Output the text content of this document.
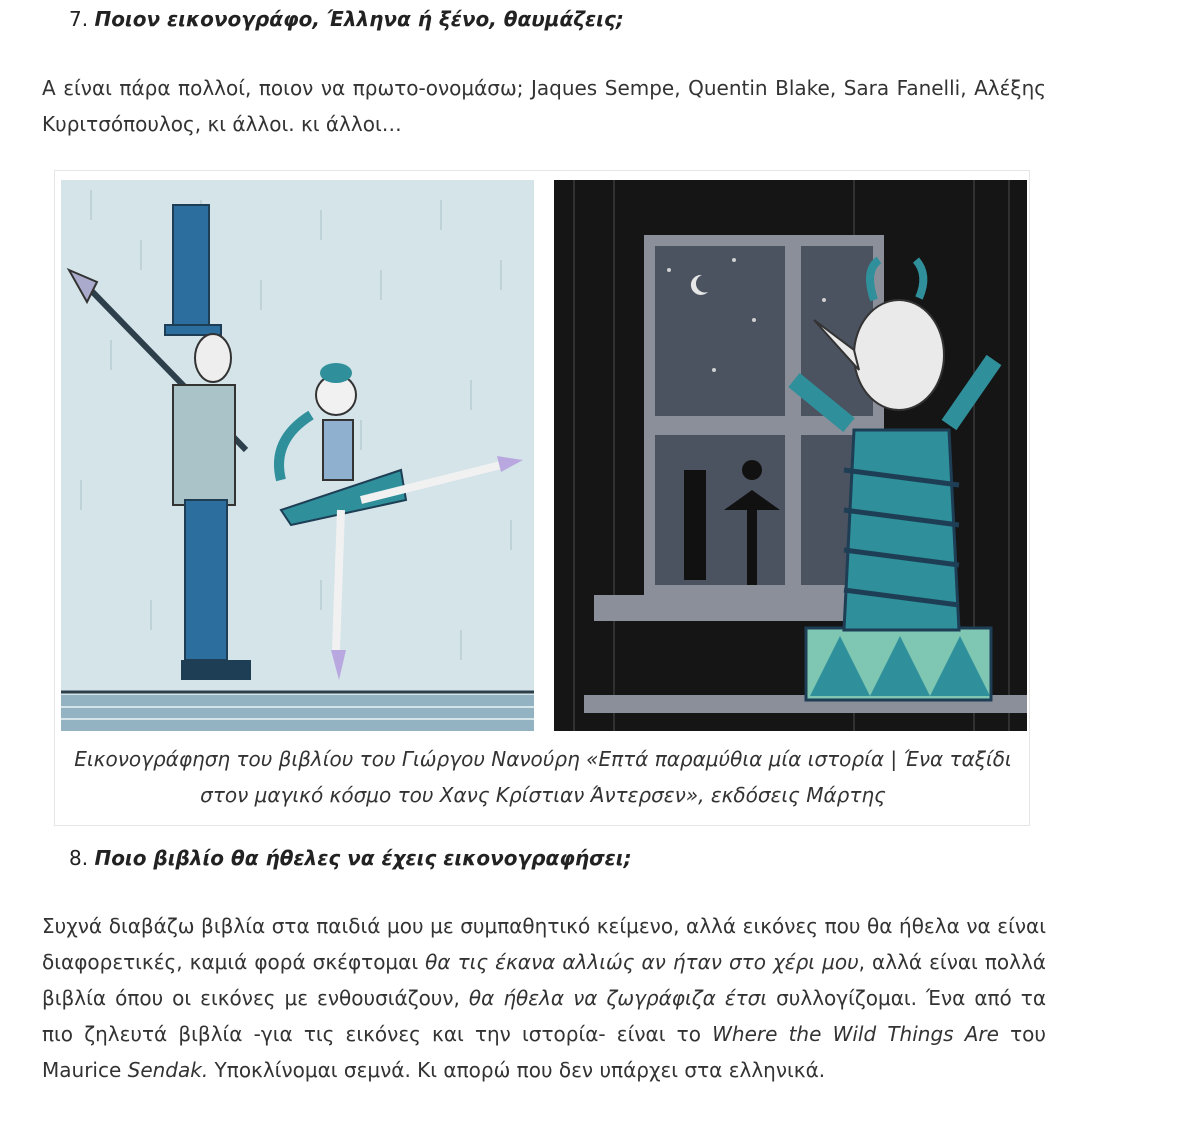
7. Ποιον εικονογράφο, Έλληνα ή ξένο, θαυμάζεις;
Α είναι πάρα πολλοί, ποιον να πρωτο-ονομάσω; Jaques Sempe, Quentin Blake, Sara Fanelli, Αλέξης Κυριτσόπουλος, κι άλλοι. κι άλλοι…
Εικονογράφηση του βιβλίου του Γιώργου Νανούρη «Επτά παραμύθια μία ιστορία | Ένα ταξίδι
στον μαγικό κόσμο του Χανς Κρίστιαν Άντερσεν», εκδόσεις Μάρτης
8. Ποιο βιβλίο θα ήθελες να έχεις εικονογραφήσει;
Συχνά διαβάζω βιβλία στα παιδιά μου με συμπαθητικό κείμενο, αλλά εικόνες που θα ήθελα να είναι διαφορετικές, καμιά φορά σκέφτομαι θα τις έκανα αλλιώς αν ήταν στο χέρι μου, αλλά είναι πολλά βιβλία όπου οι εικόνες με ενθουσιάζουν, θα ήθελα να ζωγράφιζα έτσι συλλογίζομαι. Ένα από τα πιο ζηλευτά βιβλία -για τις εικόνες και την ιστορία- είναι το Where the Wild Things Are του Maurice Sendak. Υποκλίνομαι σεμνά. Κι απορώ που δεν υπάρχει στα ελληνικά.
